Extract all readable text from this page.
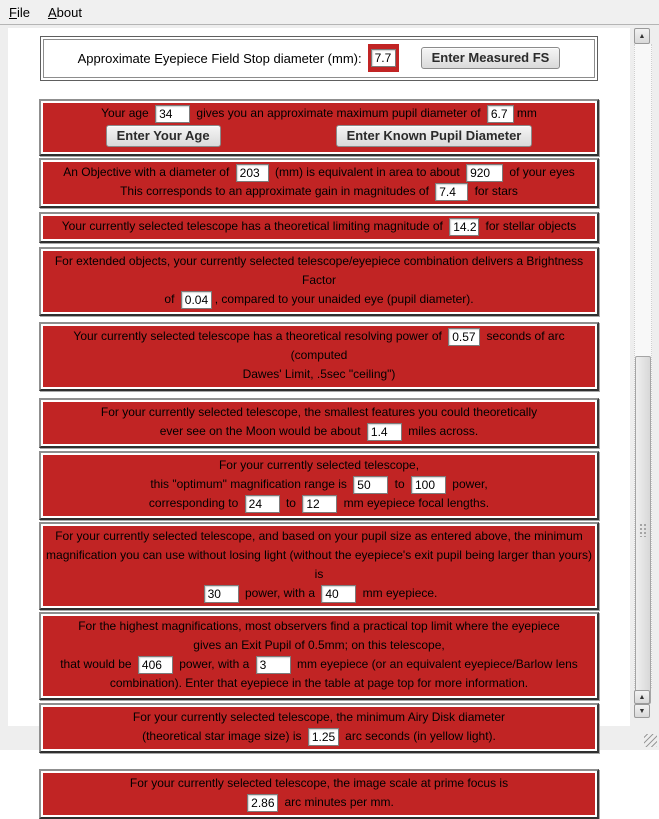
File	About
Approximate Eyepiece Field Stop diameter (mm):	7.7	Enter Measured FS
Your age 34 gives you an approximate maximum pupil diameter of 6.7 mm
Enter Your Age	Enter Known Pupil Diameter
An Objective with a diameter of 203 (mm) is equivalent in area to about 920 of your eyes
This corresponds to an approximate gain in magnitudes of 7.4 for stars
Your currently selected telescope has a theoretical limiting magnitude of 14.2 for stellar objects
For extended objects, your currently selected telescope/eyepiece combination delivers a Brightness Factor
of 0.04 , compared to your unaided eye (pupil diameter).
Your currently selected telescope has a theoretical resolving power of 0.57 seconds of arc (computed
Dawes' Limit, .5sec "ceiling")
For your currently selected telescope, the smallest features you could theoretically
ever see on the Moon would be about 1.4 miles across.
For your currently selected telescope,
this "optimum" magnification range is 50 to 100 power,
corresponding to 24 to 12 mm eyepiece focal lengths.
For your currently selected telescope, and based on your pupil size as entered above, the minimum
magnification you can use without losing light (without the eyepiece's exit pupil being larger than yours) is
30 power, with a 40 mm eyepiece.
For the highest magnifications, most observers find a practical top limit where the eyepiece
gives an Exit Pupil of 0.5mm; on this telescope,
that would be 406 power, with a 3 mm eyepiece (or an equivalent eyepiece/Barlow lens
combination). Enter that eyepiece in the table at page top for more information.
For your currently selected telescope, the minimum Airy Disk diameter
(theoretical star image size) is 1.25 arc seconds (in yellow light).
For your currently selected telescope, the image scale at prime focus is
2.86 arc minutes per mm.
▲
▲
▼
